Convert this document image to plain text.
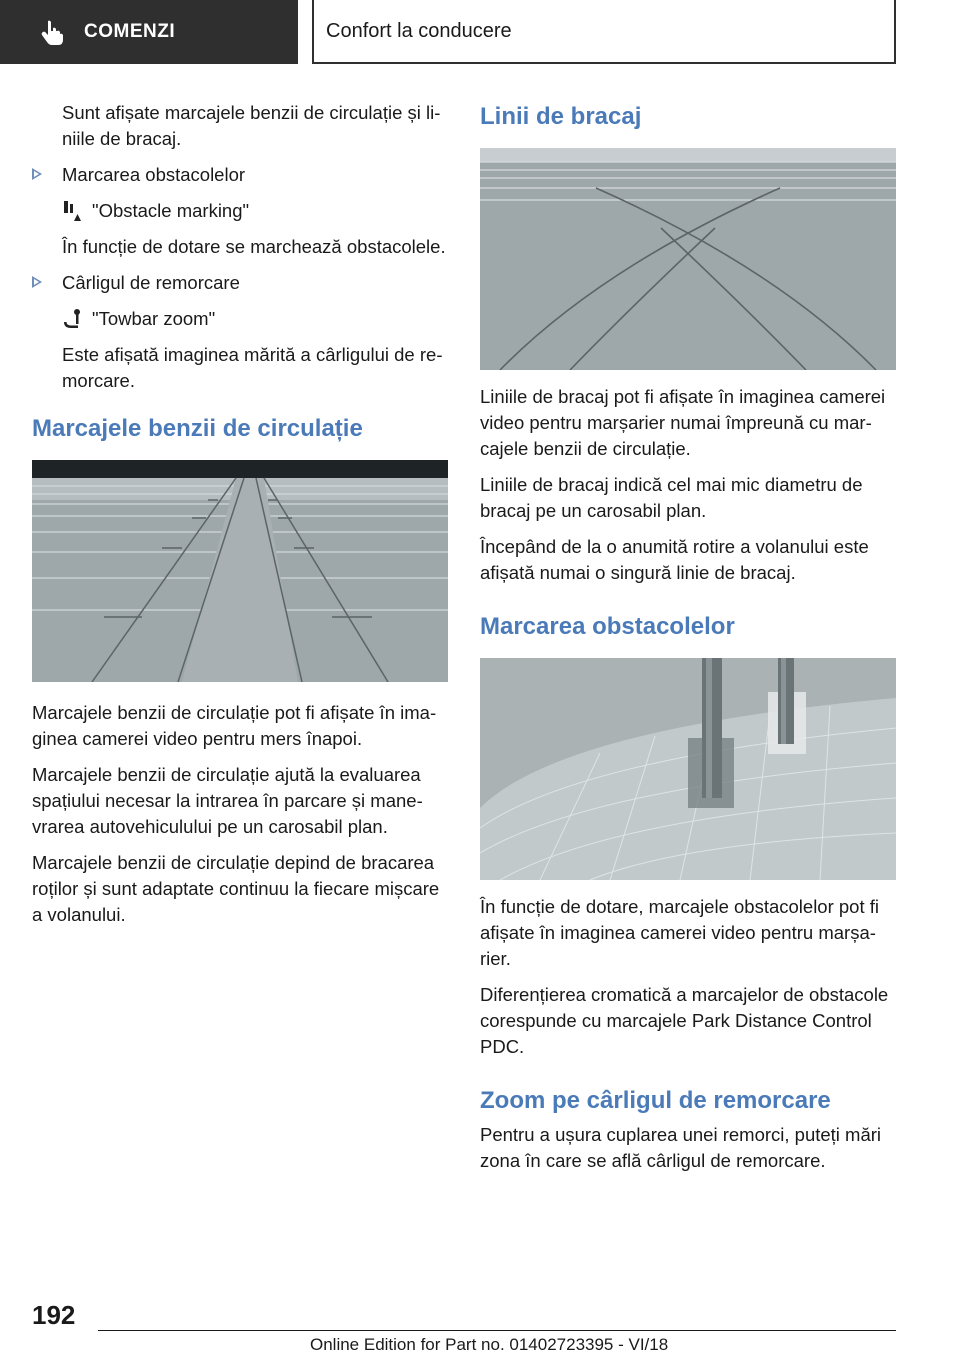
COMENZI	Confort la conducere

Sunt afișate marcajele benzii de circulație și liniile de bracaj.

Marcarea obstacolelor

"Obstacle marking"

În funcție de dotare se marchează obstacolele.

Cârligul de remorcare

"Towbar zoom"

Este afișată imaginea mărită a cârligului de remorcare.

Marcajele benzii de circulație

Marcajele benzii de circulație pot fi afișate în imaginea camerei video pentru mers înapoi.

Marcajele benzii de circulație ajută la evaluarea spațiului necesar la intrarea în parcare și manevrarea autovehiculului pe un carosabil plan.

Marcajele benzii de circulație depind de bracarea roților și sunt adaptate continuu la fiecare mișcare a volanului.

Linii de bracaj

Liniile de bracaj pot fi afișate în imaginea camerei video pentru marșarier numai împreună cu marcajele benzii de circulație.

Liniile de bracaj indică cel mai mic diametru de bracaj pe un carosabil plan.

Începând de la o anumită rotire a volanului este afișată numai o singură linie de bracaj.

Marcarea obstacolelor

În funcție de dotare, marcajele obstacolelor pot fi afișate în imaginea camerei video pentru marșarier.

Diferențierea cromatică a marcajelor de obstacole corespunde cu marcajele Park Distance Control PDC.

Zoom pe cârligul de remorcare

Pentru a ușura cuplarea unei remorci, puteți mări zona în care se află cârligul de remorcare.

192
Online Edition for Part no. 01402723395 - VI/18
